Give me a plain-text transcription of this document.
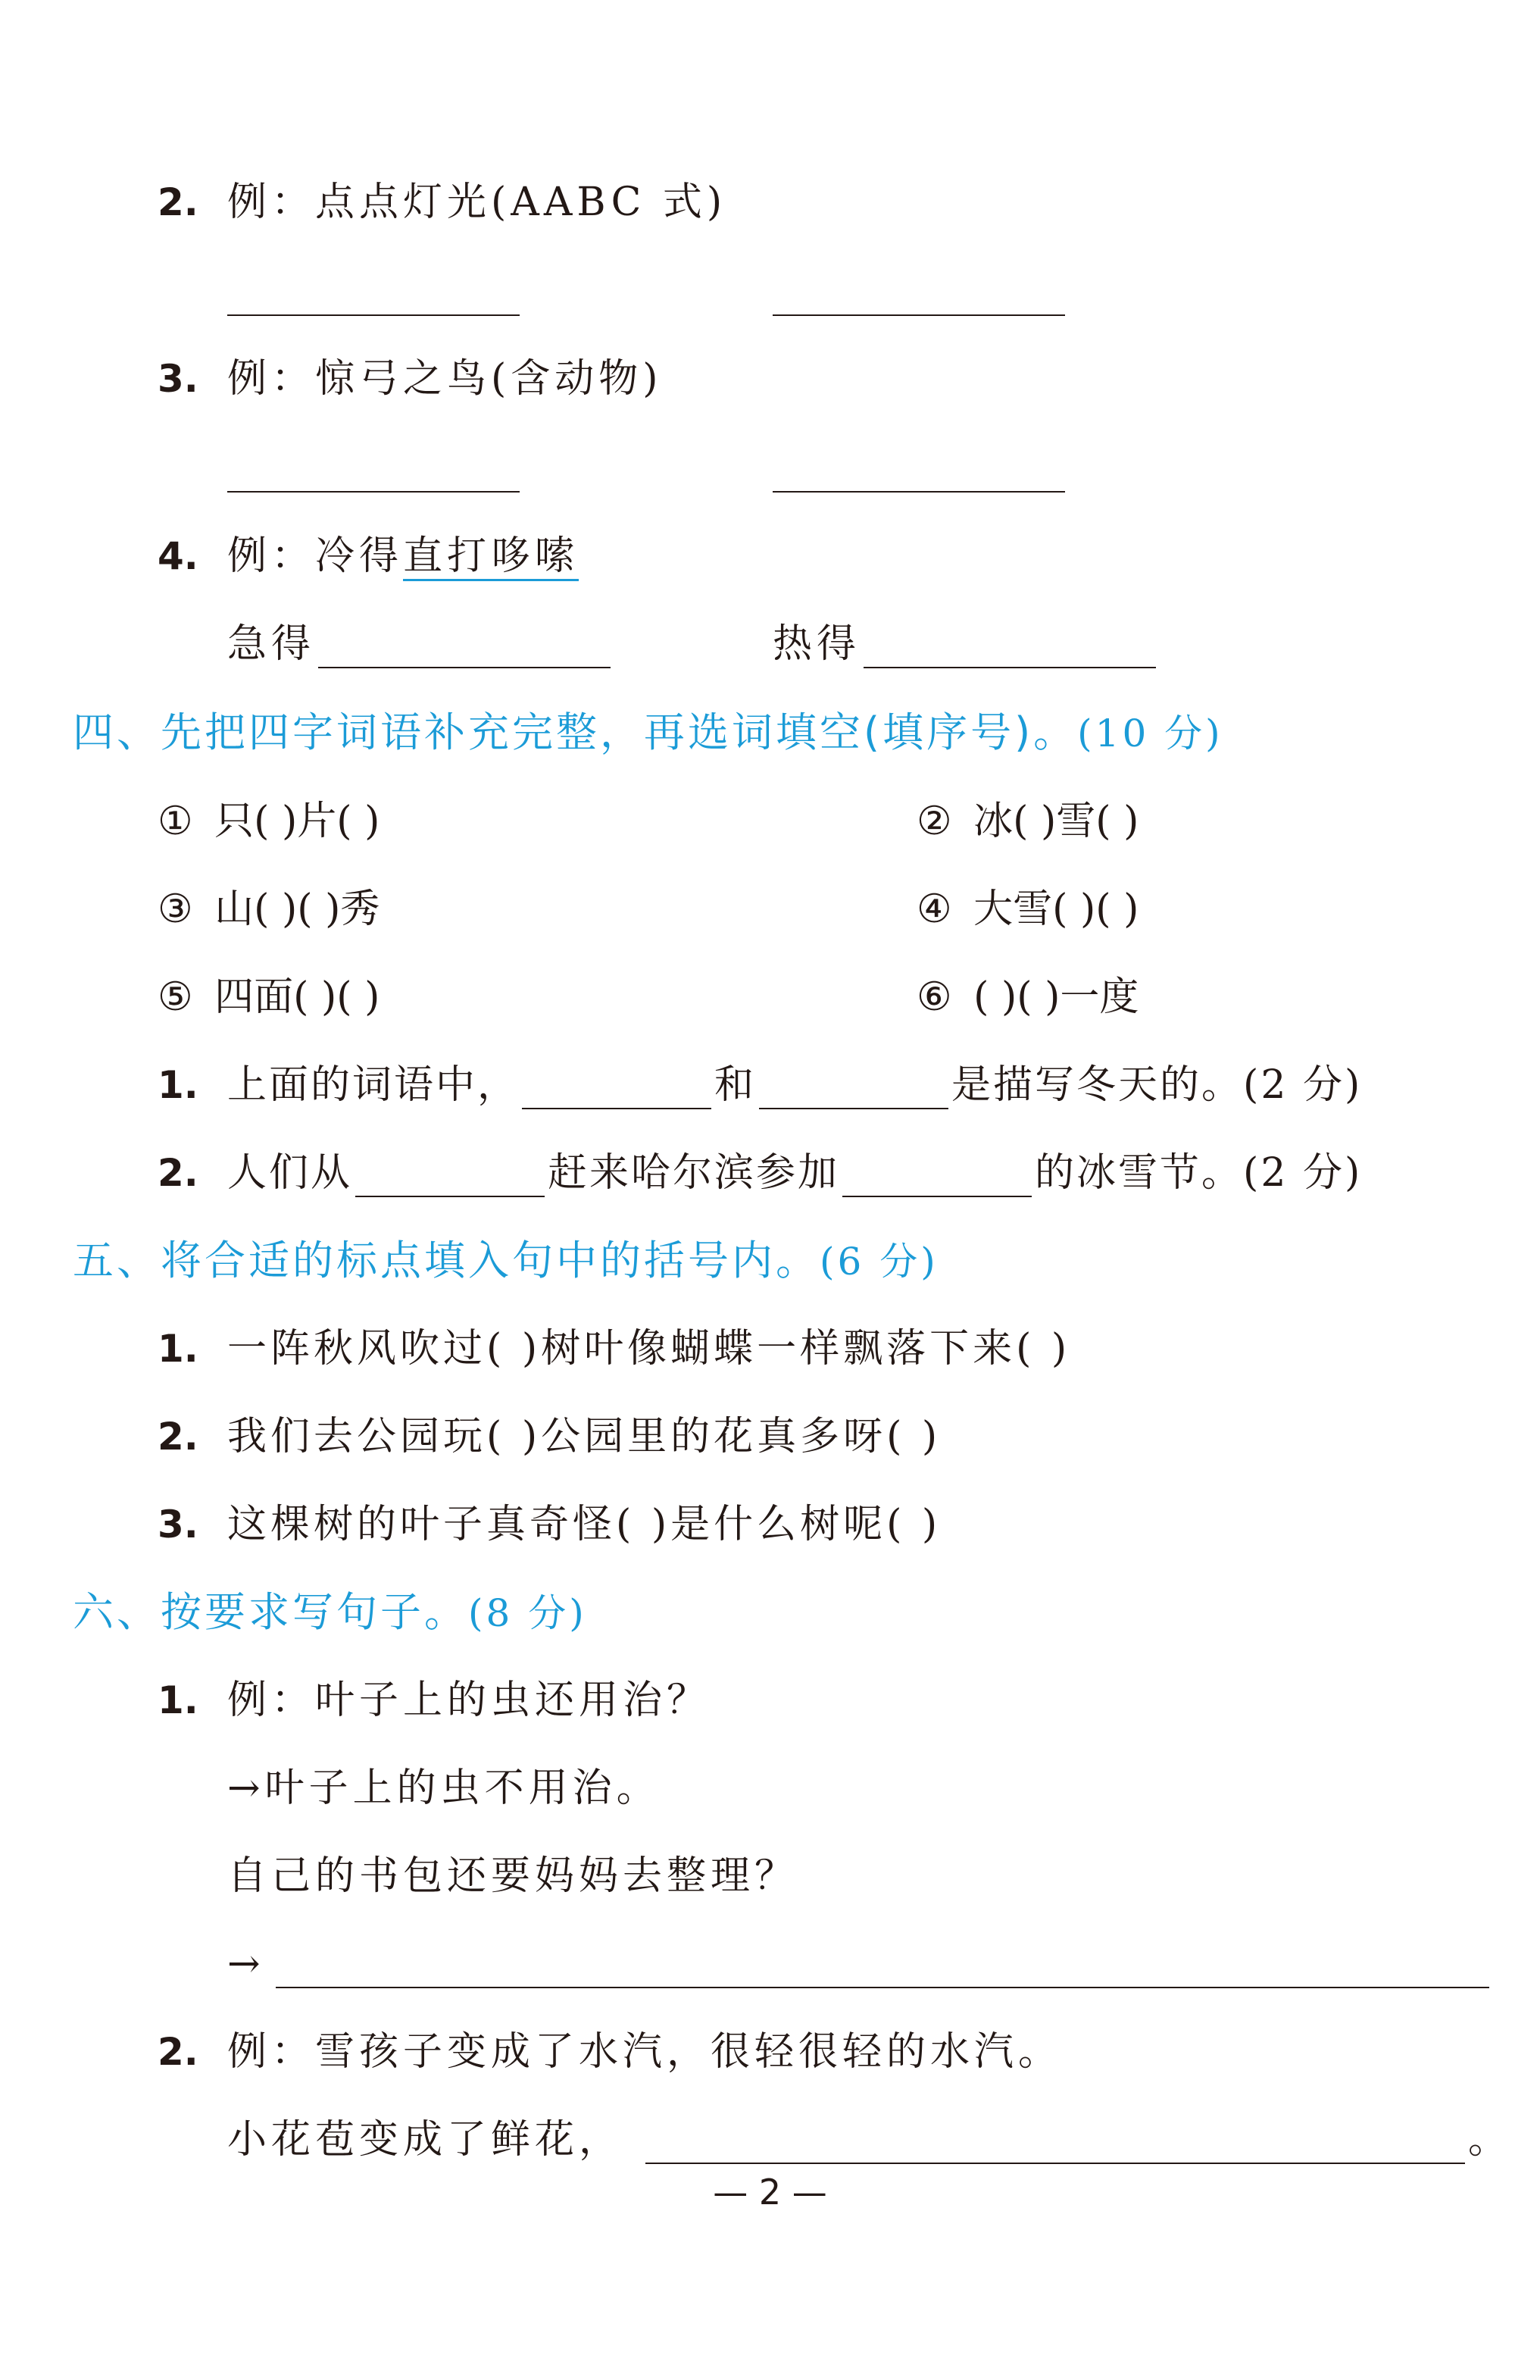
2. 例：点点灯光(AABC 式)
3. 例：惊弓之鸟(含动物)
4. 例：冷得直打哆嗦
急得	热得
四、先把四字词语补充完整，再选词填空(填序号)。(10 分)
① 只( )片( )	② 冰( )雪( )
③ 山( )( )秀	④ 大雪( )( )
⑤ 四面( )( )	⑥ ( )( )一度
1. 上面的词语中，	和	是描写冬天的。(2 分)
2. 人们从	赶来哈尔滨参加	的冰雪节。(2 分)
五、将合适的标点填入句中的括号内。(6 分)
1. 一阵秋风吹过( )树叶像蝴蝶一样飘落下来( )
2. 我们去公园玩( )公园里的花真多呀( )
3. 这棵树的叶子真奇怪( )是什么树呢( )
六、按要求写句子。(8 分)
1. 例：叶子上的虫还用治？
→叶子上的虫不用治。
自己的书包还要妈妈去整理？
→
2. 例：雪孩子变成了水汽，很轻很轻的水汽。
小花苞变成了鲜花，	。
— 2 —
